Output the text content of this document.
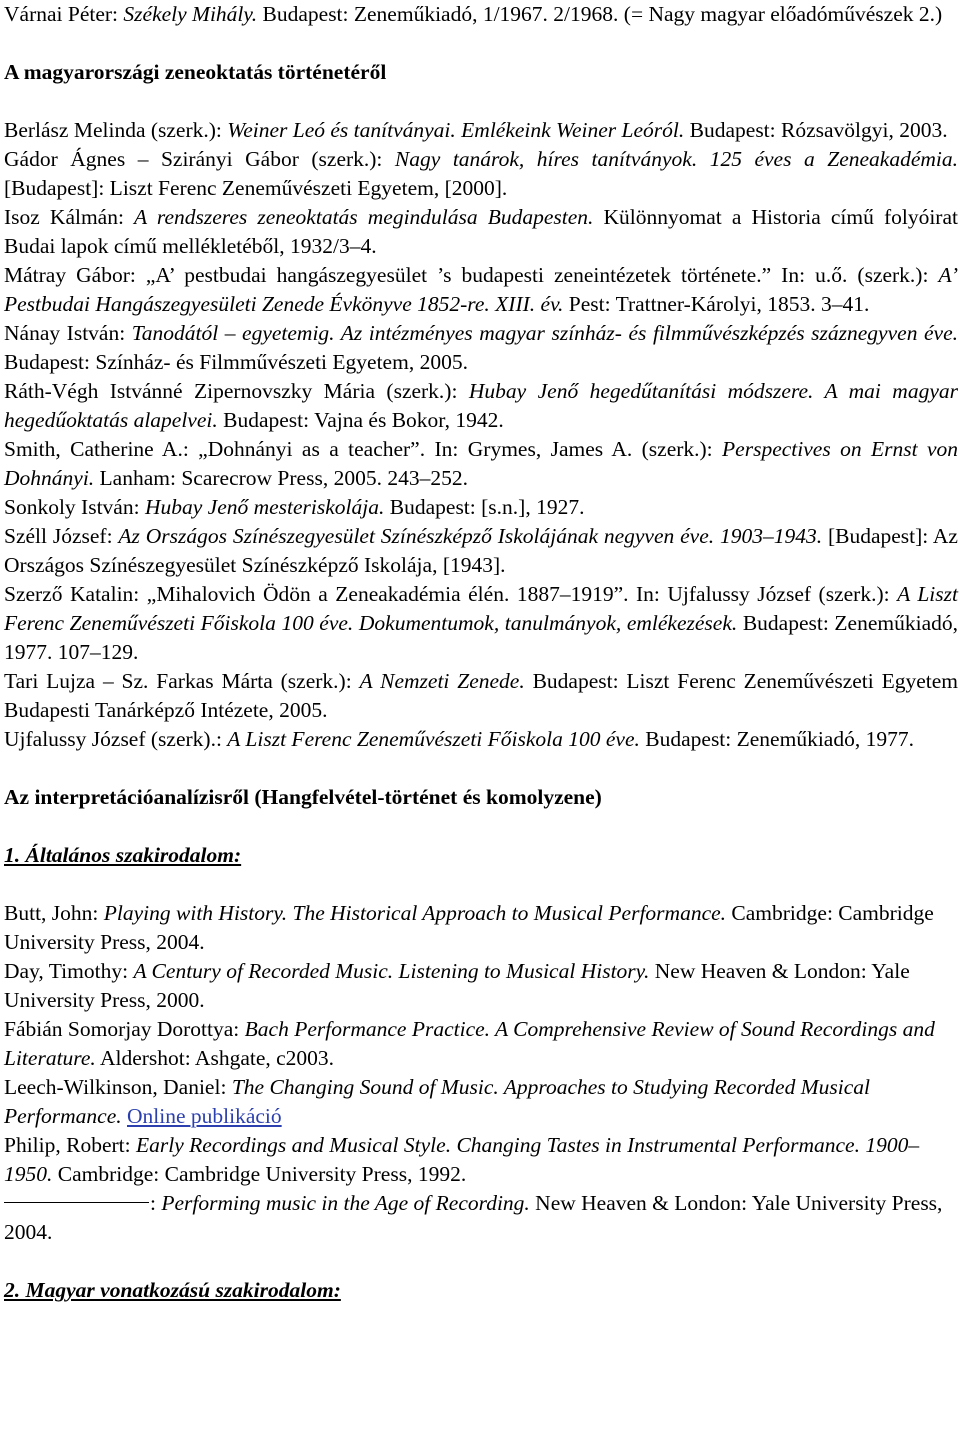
Várnai Péter: Székely Mihály. Budapest: Zeneműkiadó, 1/1967. 2/1968. (= Nagy magyar előadóművészek 2.)

A magyarországi zeneoktatás történetéről

Berlász Melinda (szerk.): Weiner Leó és tanítványai. Emlékeink Weiner Leóról. Budapest: Rózsavölgyi, 2003.

Gádor Ágnes – Szirányi Gábor (szerk.): Nagy tanárok, híres tanítványok. 125 éves a Zeneakadémia. [Budapest]: Liszt Ferenc Zeneművészeti Egyetem, [2000].

Isoz Kálmán: A rendszeres zeneoktatás megindulása Budapesten. Különnyomat a Historia című folyóirat Budai lapok című mellékletéből, 1932/3–4.

Mátray Gábor: „A’ pestbudai hangászegyesület ’s budapesti zeneintézetek története.” In: u.ő. (szerk.): A’ Pestbudai Hangászegyesületi Zenede Évkönyve 1852-re. XIII. év. Pest: Trattner-Károlyi, 1853. 3–41.

Nánay István: Tanodától – egyetemig. Az intézményes magyar színház- és filmművészképzés száznegyven éve. Budapest: Színház- és Filmművészeti Egyetem, 2005.

Ráth-Végh Istvánné Zipernovszky Mária (szerk.): Hubay Jenő hegedűtanítási módszere. A mai magyar hegedűoktatás alapelvei. Budapest: Vajna és Bokor, 1942.

Smith, Catherine A.: „Dohnányi as a teacher”. In: Grymes, James A. (szerk.): Perspectives on Ernst von Dohnányi. Lanham: Scarecrow Press, 2005. 243–252.

Sonkoly István: Hubay Jenő mesteriskolája. Budapest: [s.n.], 1927.

Széll József: Az Országos Színészegyesület Színészképző Iskolájának negyven éve. 1903–1943. [Budapest]: Az Országos Színészegyesület Színészképző Iskolája, [1943].

Szerző Katalin: „Mihalovich Ödön a Zeneakadémia élén. 1887–1919”. In: Ujfalussy József (szerk.): A Liszt Ferenc Zeneművészeti Főiskola 100 éve. Dokumentumok, tanulmányok, emlékezések. Budapest: Zeneműkiadó, 1977. 107–129.

Tari Lujza – Sz. Farkas Márta (szerk.): A Nemzeti Zenede. Budapest: Liszt Ferenc Zeneművészeti Egyetem Budapesti Tanárképző Intézete, 2005.

Ujfalussy József (szerk).: A Liszt Ferenc Zeneművészeti Főiskola 100 éve. Budapest: Zeneműkiadó, 1977.

Az interpretációanalízisről (Hangfelvétel-történet és komolyzene)

1. Általános szakirodalom:

Butt, John: Playing with History. The Historical Approach to Musical Performance. Cambridge: Cambridge University Press, 2004.

Day, Timothy: A Century of Recorded Music. Listening to Musical History. New Heaven & London: Yale University Press, 2000.

Fábián Somorjay Dorottya: Bach Performance Practice. A Comprehensive Review of Sound Recordings and Literature. Aldershot: Ashgate, c2003.

Leech-Wilkinson, Daniel: The Changing Sound of Music. Approaches to Studying Recorded Musical Performance. Online publikáció

Philip, Robert: Early Recordings and Musical Style. Changing Tastes in Instrumental Performance. 1900–1950. Cambridge: Cambridge University Press, 1992.

: Performing music in the Age of Recording. New Heaven & London: Yale University Press, 2004.

2. Magyar vonatkozású szakirodalom:
